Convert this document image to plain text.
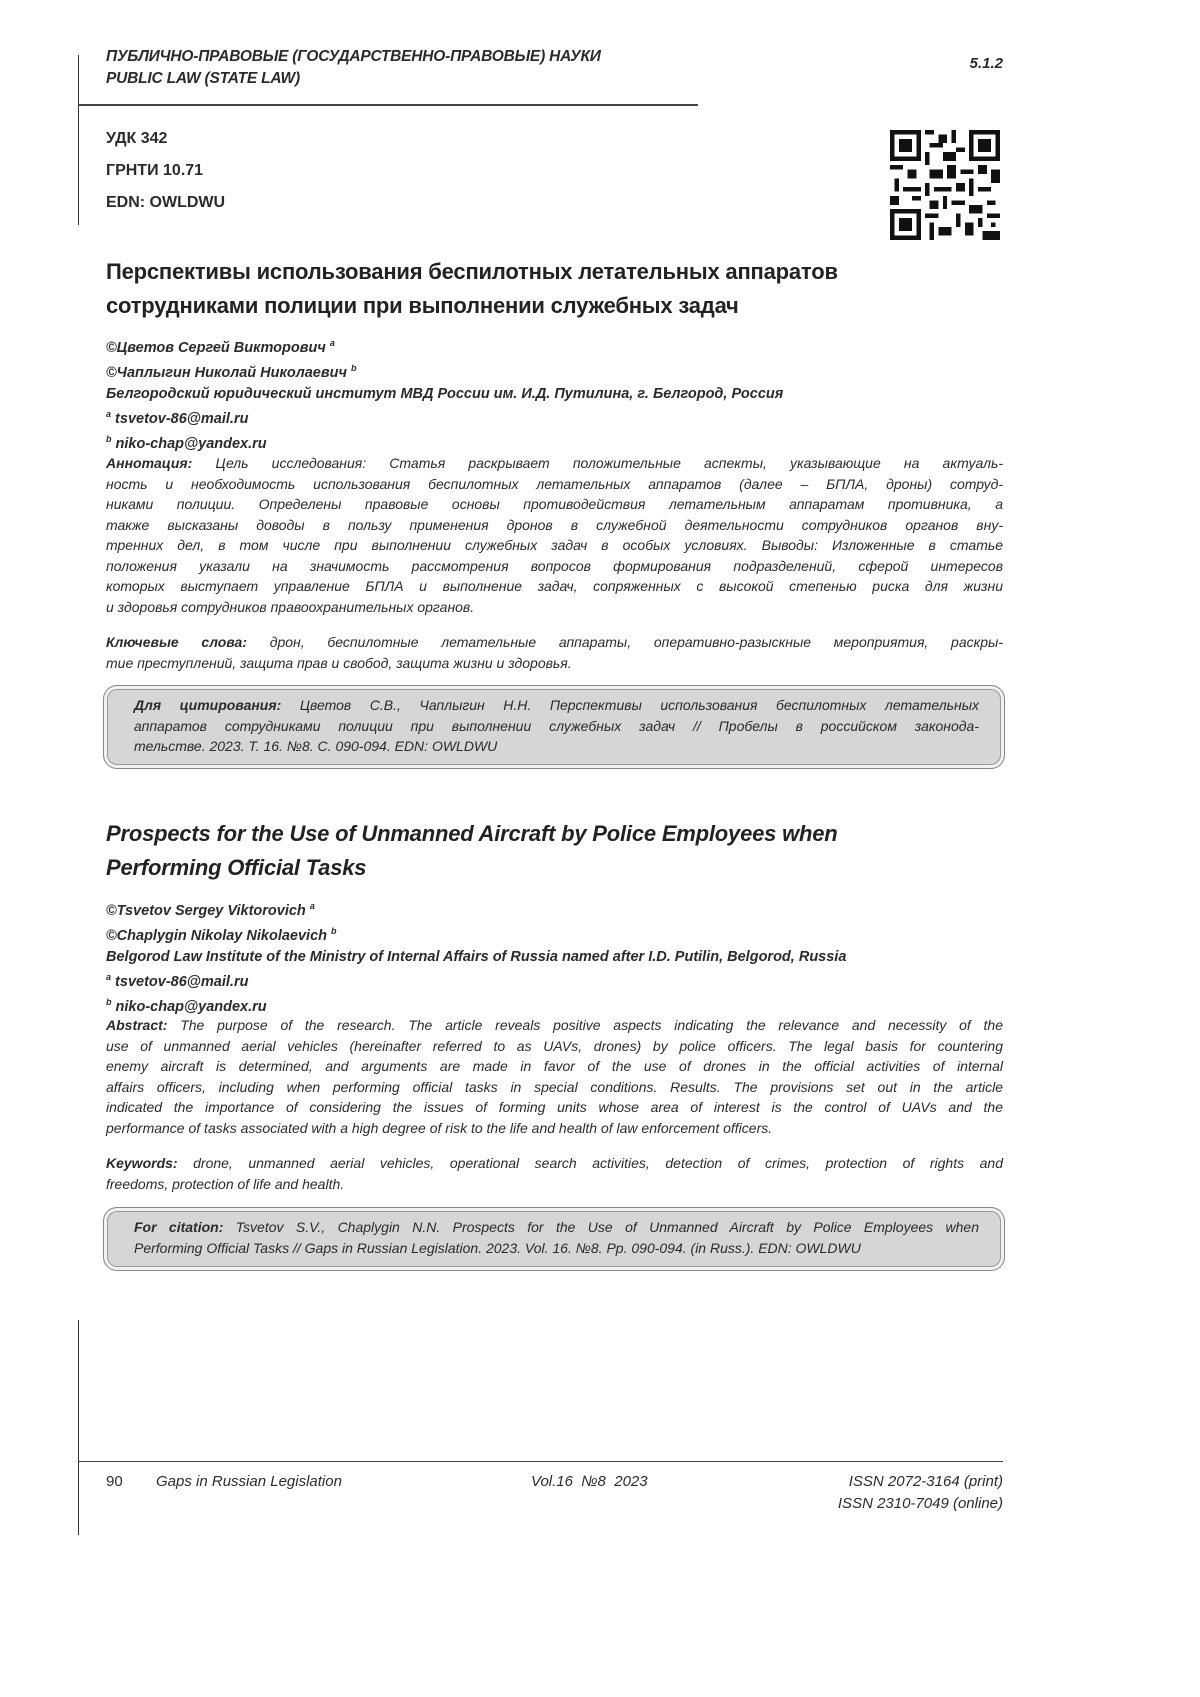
ПУБЛИЧНО-ПРАВОВЫЕ (ГОСУДАРСТВЕННО-ПРАВОВЫЕ) НАУКИ
PUBLIC LAW (STATE LAW)
5.1.2
УДК 342
ГРНТИ 10.71
EDN: OWLDWU
Перспективы использования беспилотных летательных аппаратов
сотрудниками полиции при выполнении служебных задач
©Цветов Сергей Викторович $^a$
©Чаплыгин Николай Николаевич $^b$
Белгородский юридический институт МВД России им. И.Д. Путилина, г. Белгород, Россия
$^a$ tsvetov-86@mail.ru
$^b$ niko-chap@yandex.ru
Аннотация: Цель исследования: Статья раскрывает положительные аспекты, указывающие на актуаль-
ность и необходимость использования беспилотных летательных аппаратов (далее – БПЛА, дроны) сотруд-
никами полиции. Определены правовые основы противодействия летательным аппаратам противника, а
также высказаны доводы в пользу применения дронов в служебной деятельности сотрудников органов вну-
тренних дел, в том числе при выполнении служебных задач в особых условиях. Выводы: Изложенные в статье
положения указали на значимость рассмотрения вопросов формирования подразделений, сферой интересов
которых выступает управление БПЛА и выполнение задач, сопряженных с высокой степенью риска для жизни
и здоровья сотрудников правоохранительных органов.
Ключевые слова: дрон, беспилотные летательные аппараты, оперативно-разыскные мероприятия, раскры-
тие преступлений, защита прав и свобод, защита жизни и здоровья.
Для цитирования: Цветов С.В., Чаплыгин Н.Н. Перспективы использования беспилотных летательных
аппаратов сотрудниками полиции при выполнении служебных задач // Пробелы в российском законода-
тельстве. 2023. Т. 16. №8. С. 090-094. EDN: OWLDWU
Prospects for the Use of Unmanned Aircraft by Police Employees when
Performing Official Tasks
©Tsvetov Sergey Viktorovich $^a$
©Chaplygin Nikolay Nikolaevich $^b$
Belgorod Law Institute of the Ministry of Internal Affairs of Russia named after I.D. Putilin, Belgorod, Russia
$^a$ tsvetov-86@mail.ru
$^b$ niko-chap@yandex.ru
Abstract: The purpose of the research. The article reveals positive aspects indicating the relevance and necessity of the
use of unmanned aerial vehicles (hereinafter referred to as UAVs, drones) by police officers. The legal basis for countering
enemy aircraft is determined, and arguments are made in favor of the use of drones in the official activities of internal
affairs officers, including when performing official tasks in special conditions. Results. The provisions set out in the article
indicated the importance of considering the issues of forming units whose area of interest is the control of UAVs and the
performance of tasks associated with a high degree of risk to the life and health of law enforcement officers.
Keywords: drone, unmanned aerial vehicles, operational search activities, detection of crimes, protection of rights and
freedoms, protection of life and health.
For citation: Tsvetov S.V., Chaplygin N.N. Prospects for the Use of Unmanned Aircraft by Police Employees when
Performing Official Tasks // Gaps in Russian Legislation. 2023. Vol. 16. №8. Pp. 090-094. (in Russ.). EDN: OWLDWU
90 Gaps in Russian Legislation	Vol.16  №8  2023	ISSN 2072-3164 (print)
ISSN 2310-7049 (online)
